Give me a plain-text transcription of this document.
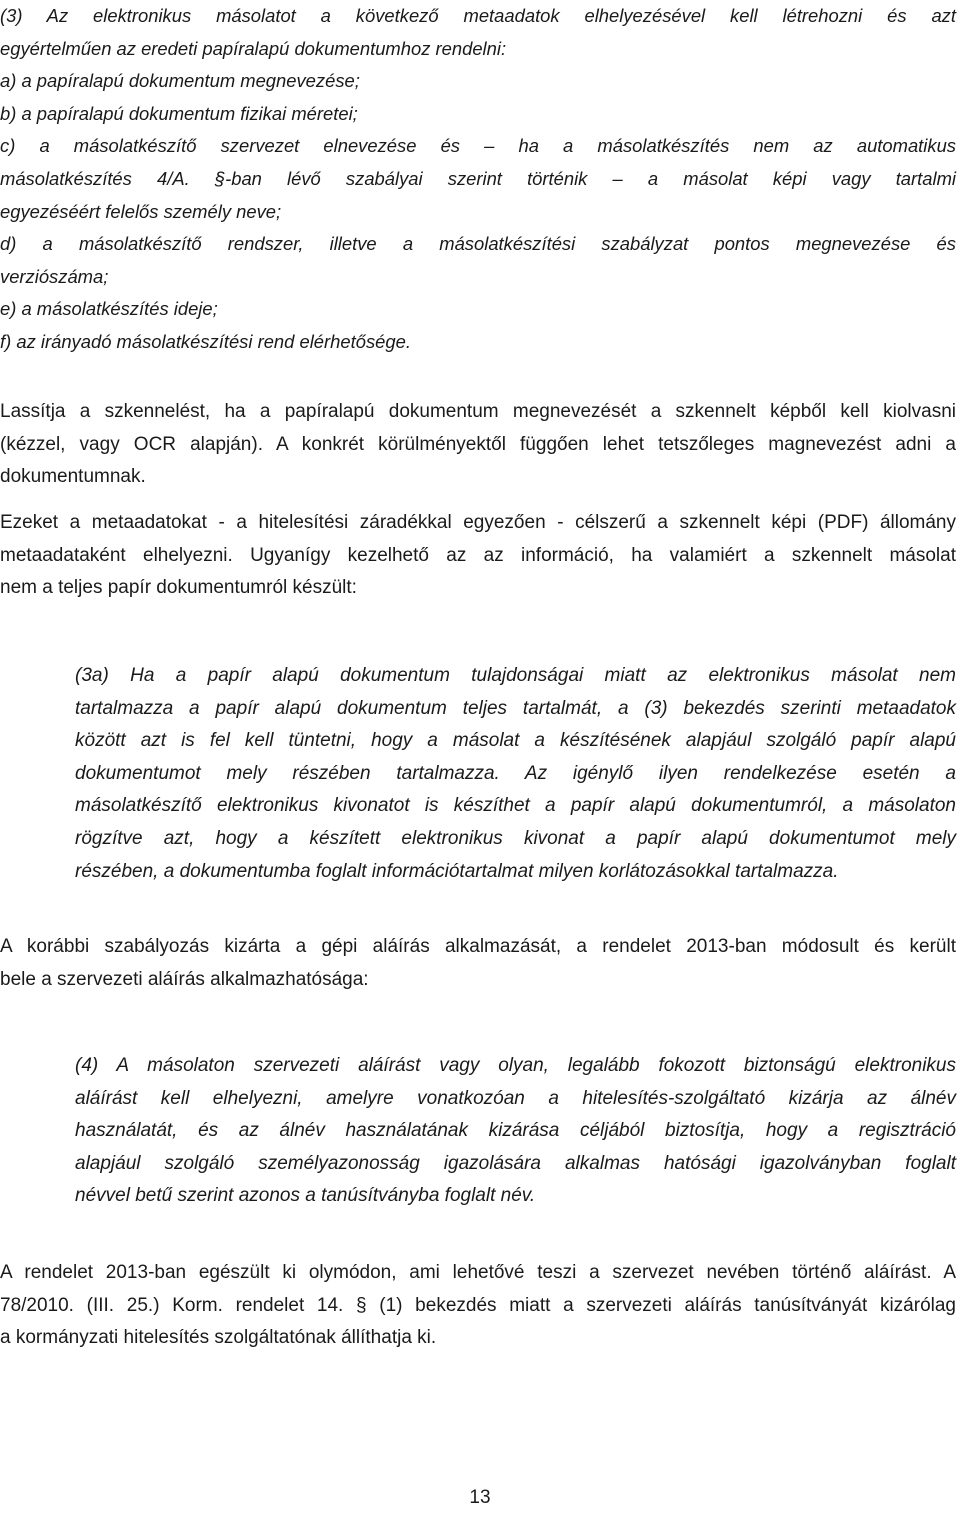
(3) Az elektronikus másolatot a következő metaadatok elhelyezésével kell létrehozni és azt
egyértelműen az eredeti papíralapú dokumentumhoz rendelni:
a) a papíralapú dokumentum megnevezése;
b) a papíralapú dokumentum fizikai méretei;
c) a másolatkészítő szervezet elnevezése és – ha a másolatkészítés nem az automatikus
másolatkészítés 4/A. §-ban lévő szabályai szerint történik – a másolat képi vagy tartalmi
egyezéséért felelős személy neve;
d) a másolatkészítő rendszer, illetve a másolatkészítési szabályzat pontos megnevezése és
verziószáma;
e) a másolatkészítés ideje;
f) az irányadó másolatkészítési rend elérhetősége.
Lassítja a szkennelést, ha a papíralapú dokumentum megnevezését a szkennelt képből kell kiolvasni
(kézzel, vagy OCR alapján). A konkrét körülményektől függően lehet tetszőleges magnevezést adni a
dokumentumnak.
Ezeket a metaadatokat - a hitelesítési záradékkal egyezően - célszerű a szkennelt képi (PDF) állomány
metaadataként elhelyezni. Ugyanígy kezelhető az az információ, ha valamiért a szkennelt másolat
nem a teljes papír dokumentumról készült:
(3a) Ha a papír alapú dokumentum tulajdonságai miatt az elektronikus másolat nem
tartalmazza a papír alapú dokumentum teljes tartalmát, a (3) bekezdés szerinti metaadatok
között azt is fel kell tüntetni, hogy a másolat a készítésének alapjául szolgáló papír alapú
dokumentumot mely részében tartalmazza. Az igénylő ilyen rendelkezése esetén a
másolatkészítő elektronikus kivonatot is készíthet a papír alapú dokumentumról, a másolaton
rögzítve azt, hogy a készített elektronikus kivonat a papír alapú dokumentumot mely
részében, a dokumentumba foglalt információtartalmat milyen korlátozásokkal tartalmazza.
A korábbi szabályozás kizárta a gépi aláírás alkalmazását, a rendelet 2013-ban módosult és került
bele a szervezeti aláírás alkalmazhatósága:
(4) A másolaton szervezeti aláírást vagy olyan, legalább fokozott biztonságú elektronikus
aláírást kell elhelyezni, amelyre vonatkozóan a hitelesítés-szolgáltató kizárja az álnév
használatát, és az álnév használatának kizárása céljából biztosítja, hogy a regisztráció
alapjául szolgáló személyazonosság igazolására alkalmas hatósági igazolványban foglalt
névvel betű szerint azonos a tanúsítványba foglalt név.
A rendelet 2013-ban egészült ki olymódon, ami lehetővé teszi a szervezet nevében történő aláírást. A
78/2010. (III. 25.) Korm. rendelet 14. § (1) bekezdés miatt a szervezeti aláírás tanúsítványát kizárólag
a kormányzati hitelesítés szolgáltatónak állíthatja ki.
13
